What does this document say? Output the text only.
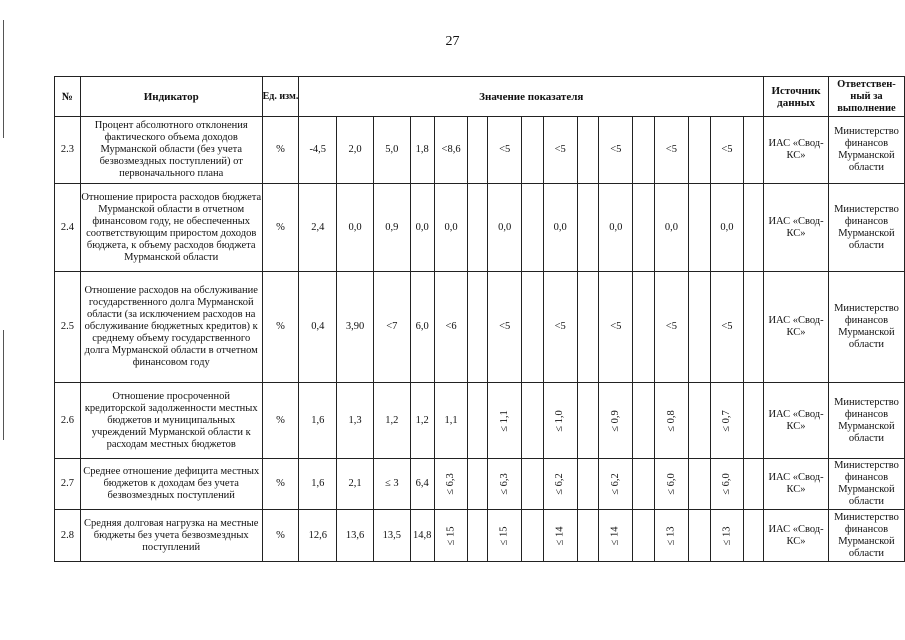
27
№	Индикатор	Ед. изм.	Значение показателя																Источник данных	Ответствен-ный за выполнение
2.3	Процент абсолютного отклонения фактического объема доходов Мурманской области (без учета безвозмездных поступлений) от первоначального плана	%	-4,5	2,0	5,0	1,8	<8,6		<5		<5		<5		<5		<5		ИАС «Свод-КС»	Министерство финансов Мурманской области
2.4	Отношение прироста расходов бюджета Мурманской области в отчетном финансовом году, не обеспеченных соответствующим приростом доходов бюджета, к объему расходов бюджета Мурманской области	%	2,4	0,0	0,9	0,0	0,0		0,0		0,0		0,0		0,0		0,0		ИАС «Свод-КС»	Министерство финансов Мурманской области
2.5	Отношение расходов на обслуживание государственного долга Мурманской области (за исключением расходов на обслуживание бюджетных кредитов) к среднему объему государственного долга Мурманской области в отчетном финансовом году	%	0,4	3,90	<7	6,0	<6		<5		<5		<5		<5		<5		ИАС «Свод-КС»	Министерство финансов Мурманской области
2.6	Отношение просроченной кредиторской задолженности местных бюджетов и муниципальных учреждений Мурманской области к расходам местных бюджетов	%	1,6	1,3	1,2	1,2	1,1		≤ 1,1		≤ 1,0		≤ 0,9		≤ 0,8		≤ 0,7		ИАС «Свод-КС»	Министерство финансов Мурманской области
2.7	Среднее отношение дефицита местных бюджетов к доходам без учета безвозмездных поступлений	%	1,6	2,1	≤ 3	6,4	≤ 6,3		≤ 6,3		≤ 6,2		≤ 6,2		≤ 6,0		≤ 6,0		ИАС «Свод-КС»	Министерство финансов Мурманской области
2.8	Средняя долговая нагрузка на местные бюджеты без учета безвозмездных поступлений	%	12,6	13,6	13,5	14,8	≤ 15		≤ 15		≤ 14		≤ 14		≤ 13		≤ 13		ИАС «Свод-КС»	Министерство финансов Мурманской области
